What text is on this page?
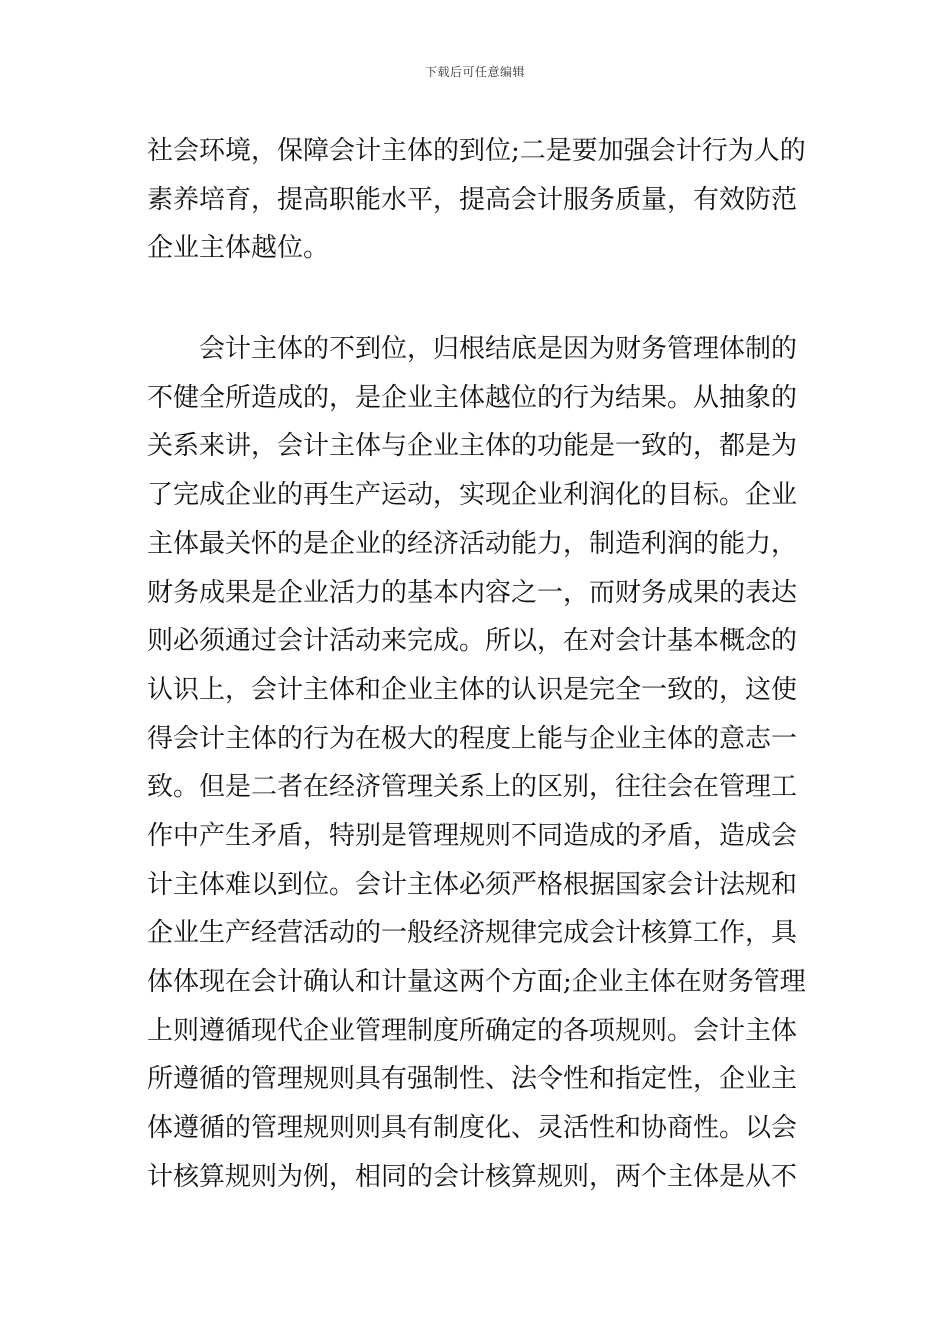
下载后可任意编辑
社会环境，保障会计主体的到位;二是要加强会计行为人的
素养培育，提高职能水平，提高会计服务质量，有效防范
企业主体越位。
会计主体的不到位，归根结底是因为财务管理体制的
不健全所造成的，是企业主体越位的行为结果。从抽象的
关系来讲，会计主体与企业主体的功能是一致的，都是为
了完成企业的再生产运动，实现企业利润化的目标。企业
主体最关怀的是企业的经济活动能力，制造利润的能力，
财务成果是企业活力的基本内容之一，而财务成果的表达
则必须通过会计活动来完成。所以，在对会计基本概念的
认识上，会计主体和企业主体的认识是完全一致的，这使
得会计主体的行为在极大的程度上能与企业主体的意志一
致。但是二者在经济管理关系上的区别，往往会在管理工
作中产生矛盾，特别是管理规则不同造成的矛盾，造成会
计主体难以到位。会计主体必须严格根据国家会计法规和
企业生产经营活动的一般经济规律完成会计核算工作，具
体体现在会计确认和计量这两个方面;企业主体在财务管理
上则遵循现代企业管理制度所确定的各项规则。会计主体
所遵循的管理规则具有强制性、法令性和指定性，企业主
体遵循的管理规则则具有制度化、灵活性和协商性。以会
计核算规则为例，相同的会计核算规则，两个主体是从不
